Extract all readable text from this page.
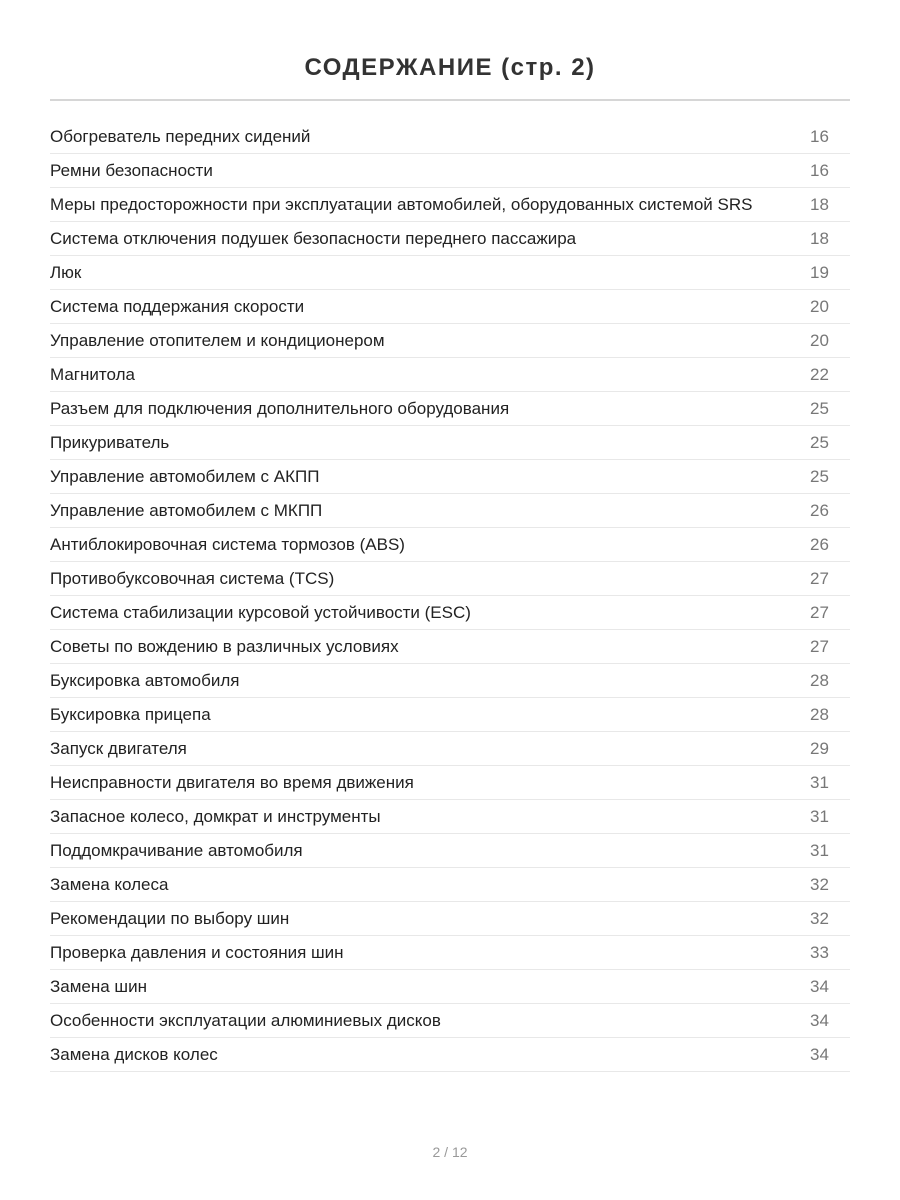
СОДЕРЖАНИЕ (стр. 2)
Обогреватель передних сидений	16
Ремни безопасности	16
Меры предосторожности при эксплуатации автомобилей, оборудованных системой SRS	18
Система отключения подушек безопасности переднего пассажира	18
Люк	19
Система поддержания скорости	20
Управление отопителем и кондиционером	20
Магнитола	22
Разъем для подключения дополнительного оборудования	25
Прикуриватель	25
Управление автомобилем с АКПП	25
Управление автомобилем с МКПП	26
Антиблокировочная система тормозов (ABS)	26
Противобуксовочная система (TCS)	27
Система стабилизации курсовой устойчивости (ESC)	27
Советы по вождению в различных условиях	27
Буксировка автомобиля	28
Буксировка прицепа	28
Запуск двигателя	29
Неисправности двигателя во время движения	31
Запасное колесо, домкрат и инструменты	31
Поддомкрачивание автомобиля	31
Замена колеса	32
Рекомендации по выбору шин	32
Проверка давления и состояния шин	33
Замена шин	34
Особенности эксплуатации алюминиевых дисков	34
Замена дисков колес	34
2 / 12
